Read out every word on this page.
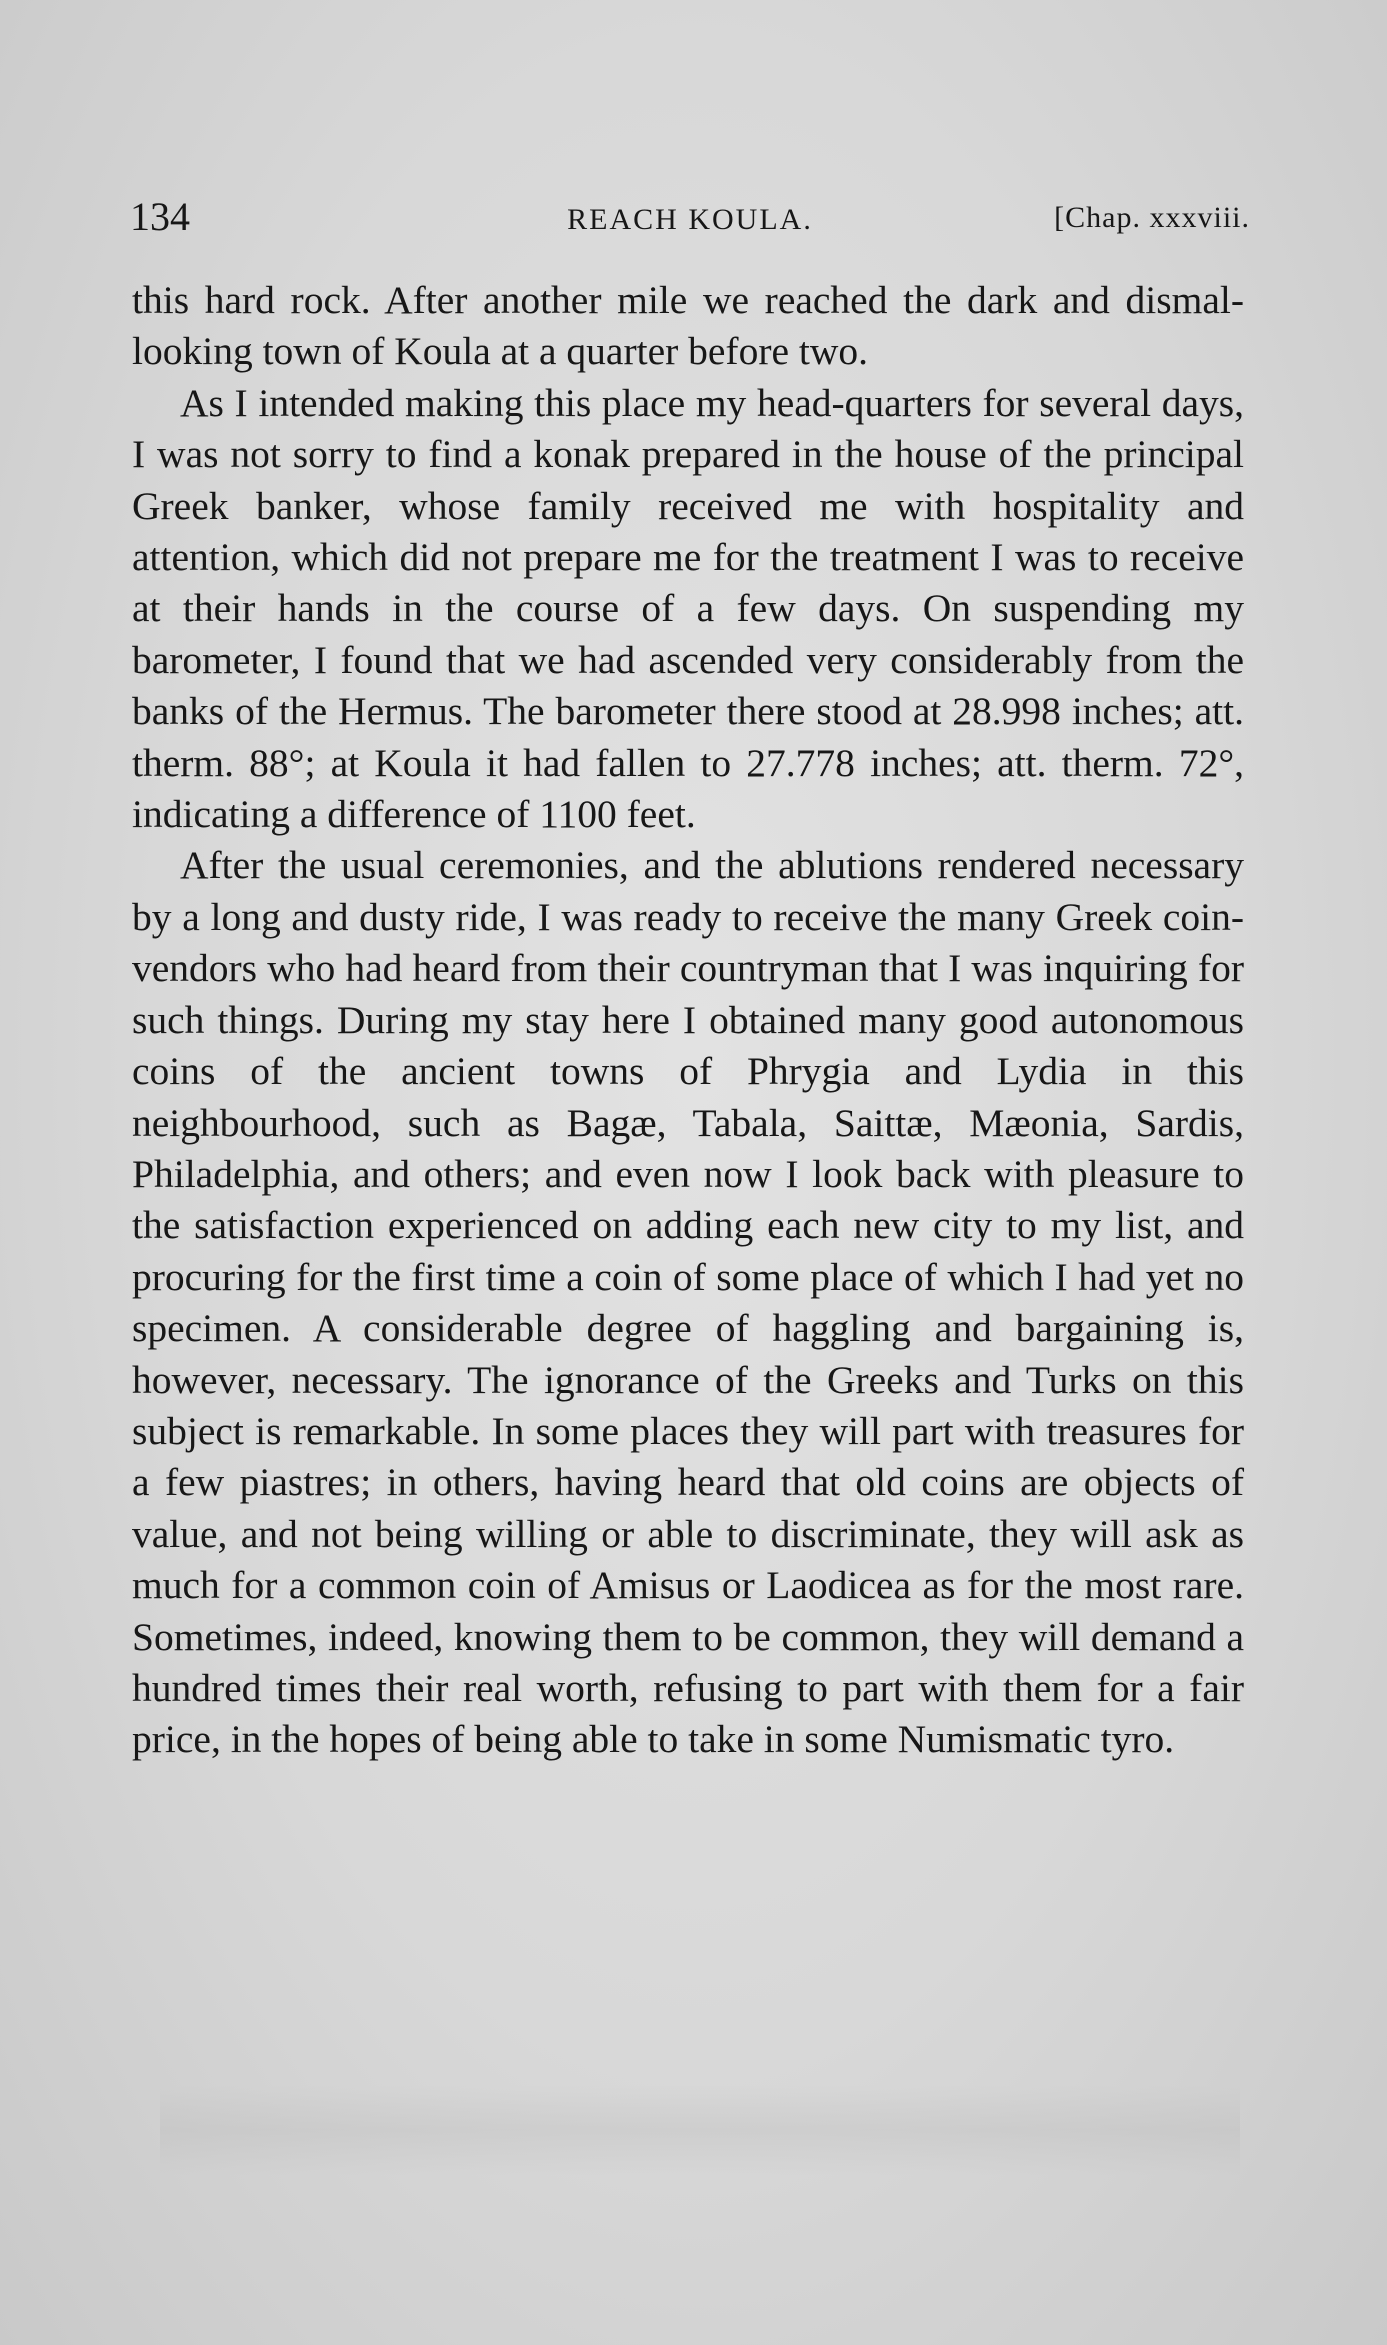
134	REACH KOULA.	[Chap. xxxviii.

this hard rock. After another mile we reached the dark and dismal-looking town of Koula at a quarter before two.

As I intended making this place my head-quarters for several days, I was not sorry to find a konak prepared in the house of the principal Greek banker, whose family received me with hospitality and attention, which did not prepare me for the treatment I was to receive at their hands in the course of a few days. On suspending my barometer, I found that we had ascended very considerably from the banks of the Hermus. The barometer there stood at 28.998 inches; att. therm. 88°; at Koula it had fallen to 27.778 inches; att. therm. 72°, indicating a difference of 1100 feet.

After the usual ceremonies, and the ablutions rendered necessary by a long and dusty ride, I was ready to receive the many Greek coin-vendors who had heard from their countryman that I was inquiring for such things. During my stay here I obtained many good autonomous coins of the ancient towns of Phrygia and Lydia in this neighbourhood, such as Bagæ, Tabala, Saittæ, Mæonia, Sardis, Philadelphia, and others; and even now I look back with pleasure to the satisfaction experienced on adding each new city to my list, and procuring for the first time a coin of some place of which I had yet no specimen. A considerable degree of haggling and bargaining is, however, necessary. The ignorance of the Greeks and Turks on this subject is remarkable. In some places they will part with treasures for a few piastres; in others, having heard that old coins are objects of value, and not being willing or able to discriminate, they will ask as much for a common coin of Amisus or Laodicea as for the most rare. Sometimes, indeed, knowing them to be common, they will demand a hundred times their real worth, refusing to part with them for a fair price, in the hopes of being able to take in some Numismatic tyro.
